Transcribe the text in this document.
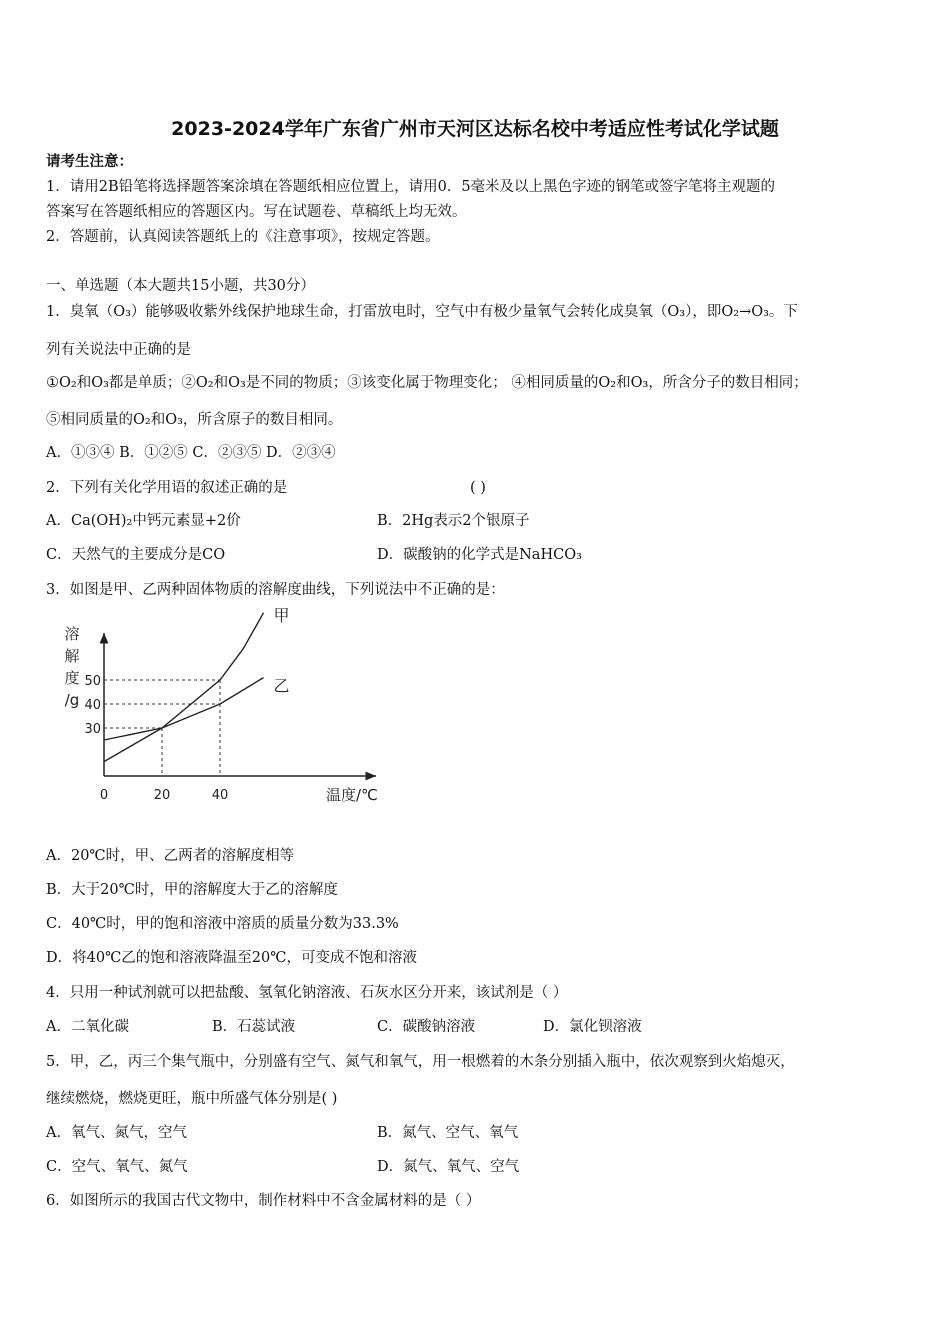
2023-2024学年广东省广州市天河区达标名校中考适应性考试化学试题
请考生注意：
1．请用2B铅笔将选择题答案涂填在答题纸相应位置上，请用0．5毫米及以上黑色字迹的钢笔或签字笔将主观题的
答案写在答题纸相应的答题区内。写在试题卷、草稿纸上均无效。
2．答题前，认真阅读答题纸上的《注意事项》，按规定答题。
一、单选题（本大题共15小题，共30分）
1．臭氧（O₃）能够吸收紫外线保护地球生命，打雷放电时，空气中有极少量氧气会转化成臭氧（O₃），即O₂→O₃。下
列有关说法中正确的是
①O₂和O₃都是单质；②O₂和O₃是不同的物质；③该变化属于物理变化； ④相同质量的O₂和O₃，所含分子的数目相同；
⑤相同质量的O₂和O₃，所含原子的数目相同。
A．①③④ B．①②⑤ C．②③⑤ D．②③④
2．下列有关化学用语的叙述正确的是	( )
A．Ca(OH)₂中钙元素显+2价	B．2Hg表示2个银原子
C．天然气的主要成分是CO	D．碳酸钠的化学式是NaHCO₃
3．如图是甲、乙两种固体物质的溶解度曲线，下列说法中不正确的是：
甲
乙
0	20	40
30
40
50
溶
解
度
/g
温度/℃
A．20℃时，甲、乙两者的溶解度相等
B．大于20℃时，甲的溶解度大于乙的溶解度
C．40℃时，甲的饱和溶液中溶质的质量分数为33.3%
D．将40℃乙的饱和溶液降温至20℃，可变成不饱和溶液
4．只用一种试剂就可以把盐酸、氢氧化钠溶液、石灰水区分开来，该试剂是（ ）
A．二氧化碳	B．石蕊试液	C．碳酸钠溶液	D．氯化钡溶液
5．甲，乙，丙三个集气瓶中，分别盛有空气、氮气和氧气，用一根燃着的木条分别插入瓶中，依次观察到火焰熄灭，
继续燃烧，燃烧更旺，瓶中所盛气体分别是( )
A．氧气、氮气，空气	B．氮气、空气、氧气
C．空气、氧气、氮气	D．氮气、氧气、空气
6．如图所示的我国古代文物中，制作材料中不含金属材料的是（ ）
